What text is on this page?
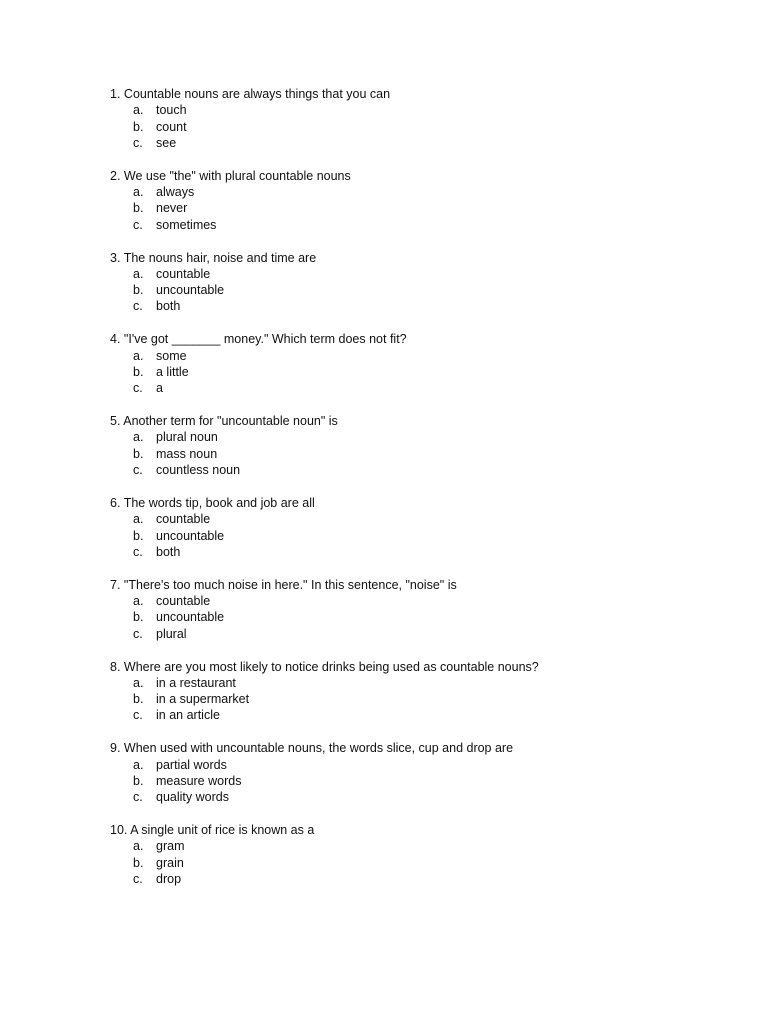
1. Countable nouns are always things that you can
a. touch
b. count
c. see
2. We use "the" with plural countable nouns
a. always
b. never
c. sometimes
3. The nouns hair, noise and time are
a. countable
b. uncountable
c. both
4. "I've got _______ money." Which term does not fit?
a. some
b. a little
c. a
5. Another term for "uncountable noun" is
a. plural noun
b. mass noun
c. countless noun
6. The words tip, book and job are all
a. countable
b. uncountable
c. both
7. "There's too much noise in here." In this sentence, "noise" is
a. countable
b. uncountable
c. plural
8. Where are you most likely to notice drinks being used as countable nouns?
a. in a restaurant
b. in a supermarket
c. in an article
9. When used with uncountable nouns, the words slice, cup and drop are
a. partial words
b. measure words
c. quality words
10. A single unit of rice is known as a
a. gram
b. grain
c. drop
